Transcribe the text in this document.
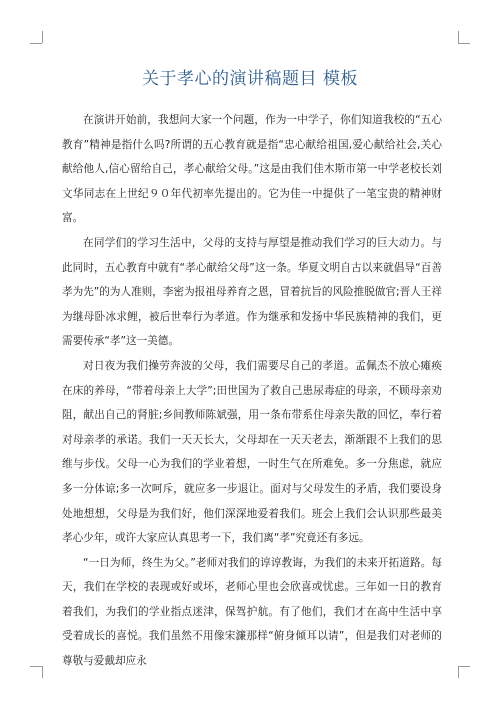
关于孝心的演讲稿题目 模板

在演讲开始前，我想问大家一个问题，作为一中学子，你们知道我校的“五心教育”精神是指什么吗?所谓的五心教育就是指“忠心献给祖国,爱心献给社会,关心献给他人,信心留给自己，孝心献给父母。”这是由我们佳木斯市第一中学老校长刘文华同志在上世纪９０年代初率先提出的。它为佳一中提供了一笔宝贵的精神财富。

在同学们的学习生活中，父母的支持与厚望是推动我们学习的巨大动力。与此同时，五心教育中就有“孝心献给父母”这一条。华夏文明自古以来就倡导“百善孝为先”的为人准则，李密为报祖母养育之恩，冒着抗旨的风险推脱做官;晋人王祥为继母卧冰求鲤，被后世奉行为孝道。作为继承和发扬中华民族精神的我们，更需要传承“孝”这一美德。

对日夜为我们操劳奔波的父母，我们需要尽自己的孝道。孟佩杰不放心瘫痪在床的养母，“带着母亲上大学”;田世国为了救自己患尿毒症的母亲，不顾母亲劝阻，献出自己的肾脏;乡间教师陈斌强，用一条布带系住母亲失散的回忆，奉行着对母亲孝的承诺。我们一天天长大，父母却在一天天老去，渐渐跟不上我们的思维与步伐。父母一心为我们的学业着想，一时生气在所难免。多一分焦虑，就应多一分体谅;多一次呵斥，就应多一步退让。面对与父母发生的矛盾，我们要设身处地想想，父母是为我们好，他们深深地爱着我们。班会上我们会认识那些最美孝心少年，或许大家应认真思考一下，我们离“孝”究竟还有多远。

“一日为师，终生为父。”老师对我们的谆谆教诲，为我们的未来开拓道路。每天，我们在学校的表现或好或坏，老师心里也会欣喜或忧虑。三年如一日的教育着我们，为我们的学业指点迷津，保驾护航。有了他们，我们才在高中生活中享受着成长的喜悦。我们虽然不用像宋濂那样“俯身倾耳以请”，但是我们对老师的尊敬与爱戴却应永
